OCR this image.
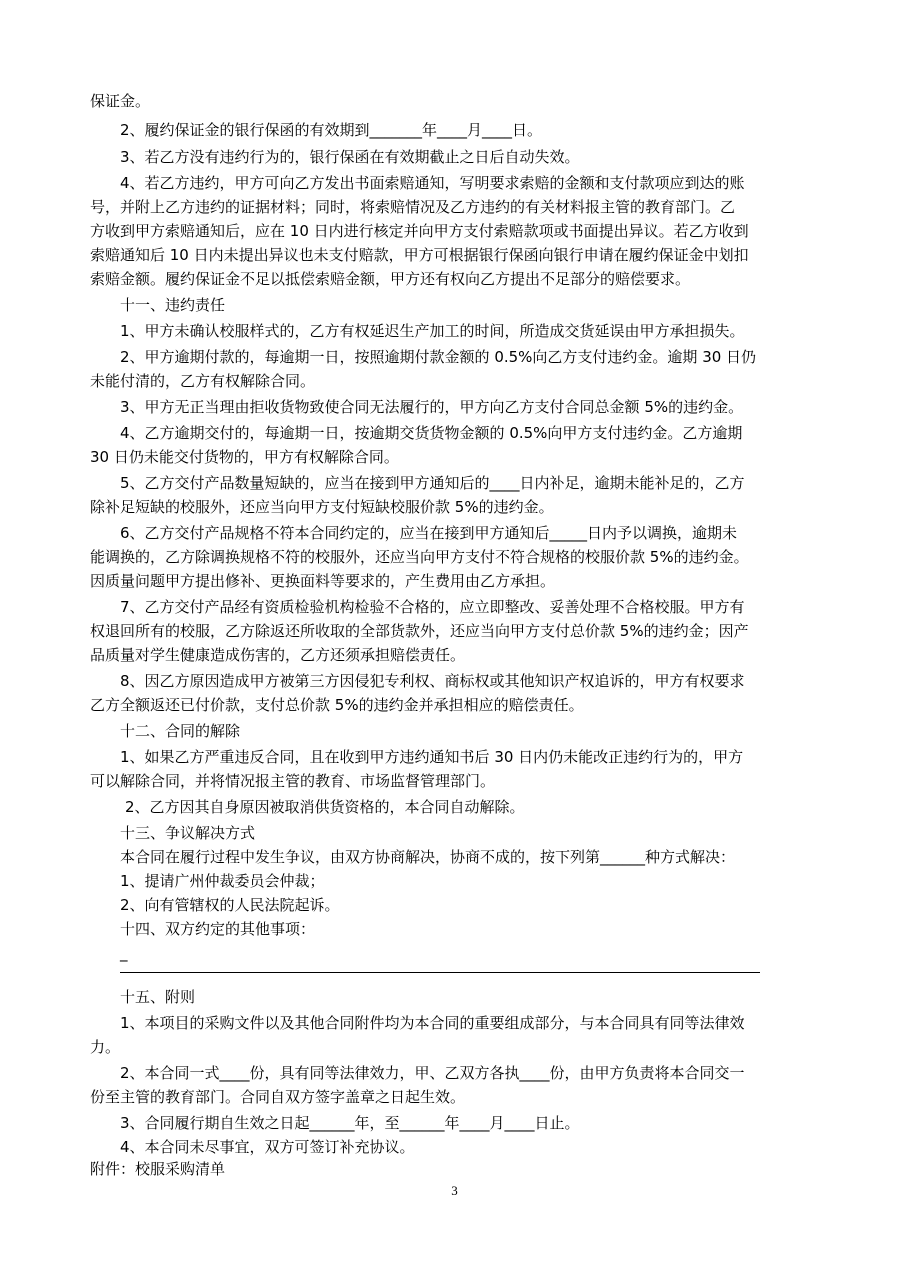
保证金。
2、履约保证金的银行保函的有效期到_______年____月____日。
3、若乙方没有违约行为的，银行保函在有效期截止之日后自动失效。
4、若乙方违约，甲方可向乙方发出书面索赔通知，写明要求索赔的金额和支付款项应到达的账
号，并附上乙方违约的证据材料；同时，将索赔情况及乙方违约的有关材料报主管的教育部门。乙
方收到甲方索赔通知后，应在 10 日内进行核定并向甲方支付索赔款项或书面提出异议。若乙方收到
索赔通知后 10 日内未提出异议也未支付赔款，甲方可根据银行保函向银行申请在履约保证金中划扣
索赔金额。履约保证金不足以抵偿索赔金额，甲方还有权向乙方提出不足部分的赔偿要求。
十一、违约责任
1、甲方未确认校服样式的，乙方有权延迟生产加工的时间，所造成交货延误由甲方承担损失。
2、甲方逾期付款的，每逾期一日，按照逾期付款金额的 0.5%向乙方支付违约金。逾期 30 日仍
未能付清的，乙方有权解除合同。
3、甲方无正当理由拒收货物致使合同无法履行的，甲方向乙方支付合同总金额 5%的违约金。
4、乙方逾期交付的，每逾期一日，按逾期交货货物金额的 0.5%向甲方支付违约金。乙方逾期
30 日仍未能交付货物的，甲方有权解除合同。
5、乙方交付产品数量短缺的，应当在接到甲方通知后的____日内补足，逾期未能补足的，乙方
除补足短缺的校服外，还应当向甲方支付短缺校服价款 5%的违约金。
6、乙方交付产品规格不符本合同约定的，应当在接到甲方通知后_____日内予以调换，逾期未
能调换的，乙方除调换规格不符的校服外，还应当向甲方支付不符合规格的校服价款 5%的违约金。
因质量问题甲方提出修补、更换面料等要求的，产生费用由乙方承担。
7、乙方交付产品经有资质检验机构检验不合格的，应立即整改、妥善处理不合格校服。甲方有
权退回所有的校服，乙方除返还所收取的全部货款外，还应当向甲方支付总价款 5%的违约金；因产
品质量对学生健康造成伤害的，乙方还须承担赔偿责任。
8、因乙方原因造成甲方被第三方因侵犯专利权、商标权或其他知识产权追诉的，甲方有权要求
乙方全额返还已付价款，支付总价款 5%的违约金并承担相应的赔偿责任。
十二、合同的解除
1、如果乙方严重违反合同，且在收到甲方违约通知书后 30 日内仍未能改正违约行为的，甲方
可以解除合同，并将情况报主管的教育、市场监督管理部门。
2、乙方因其自身原因被取消供货资格的，本合同自动解除。
十三、争议解决方式
本合同在履行过程中发生争议，由双方协商解决，协商不成的，按下列第______种方式解决：
1、提请广州仲裁委员会仲裁；
2、向有管辖权的人民法院起诉。
十四、双方约定的其他事项：
_
十五、附则
1、本项目的采购文件以及其他合同附件均为本合同的重要组成部分，与本合同具有同等法律效
力。
2、本合同一式____份，具有同等法律效力，甲、乙双方各执____份，由甲方负责将本合同交一
份至主管的教育部门。合同自双方签字盖章之日起生效。
3、合同履行期自生效之日起______年，至______年____月____日止。
4、本合同未尽事宜，双方可签订补充协议。
附件：校服采购清单
3
